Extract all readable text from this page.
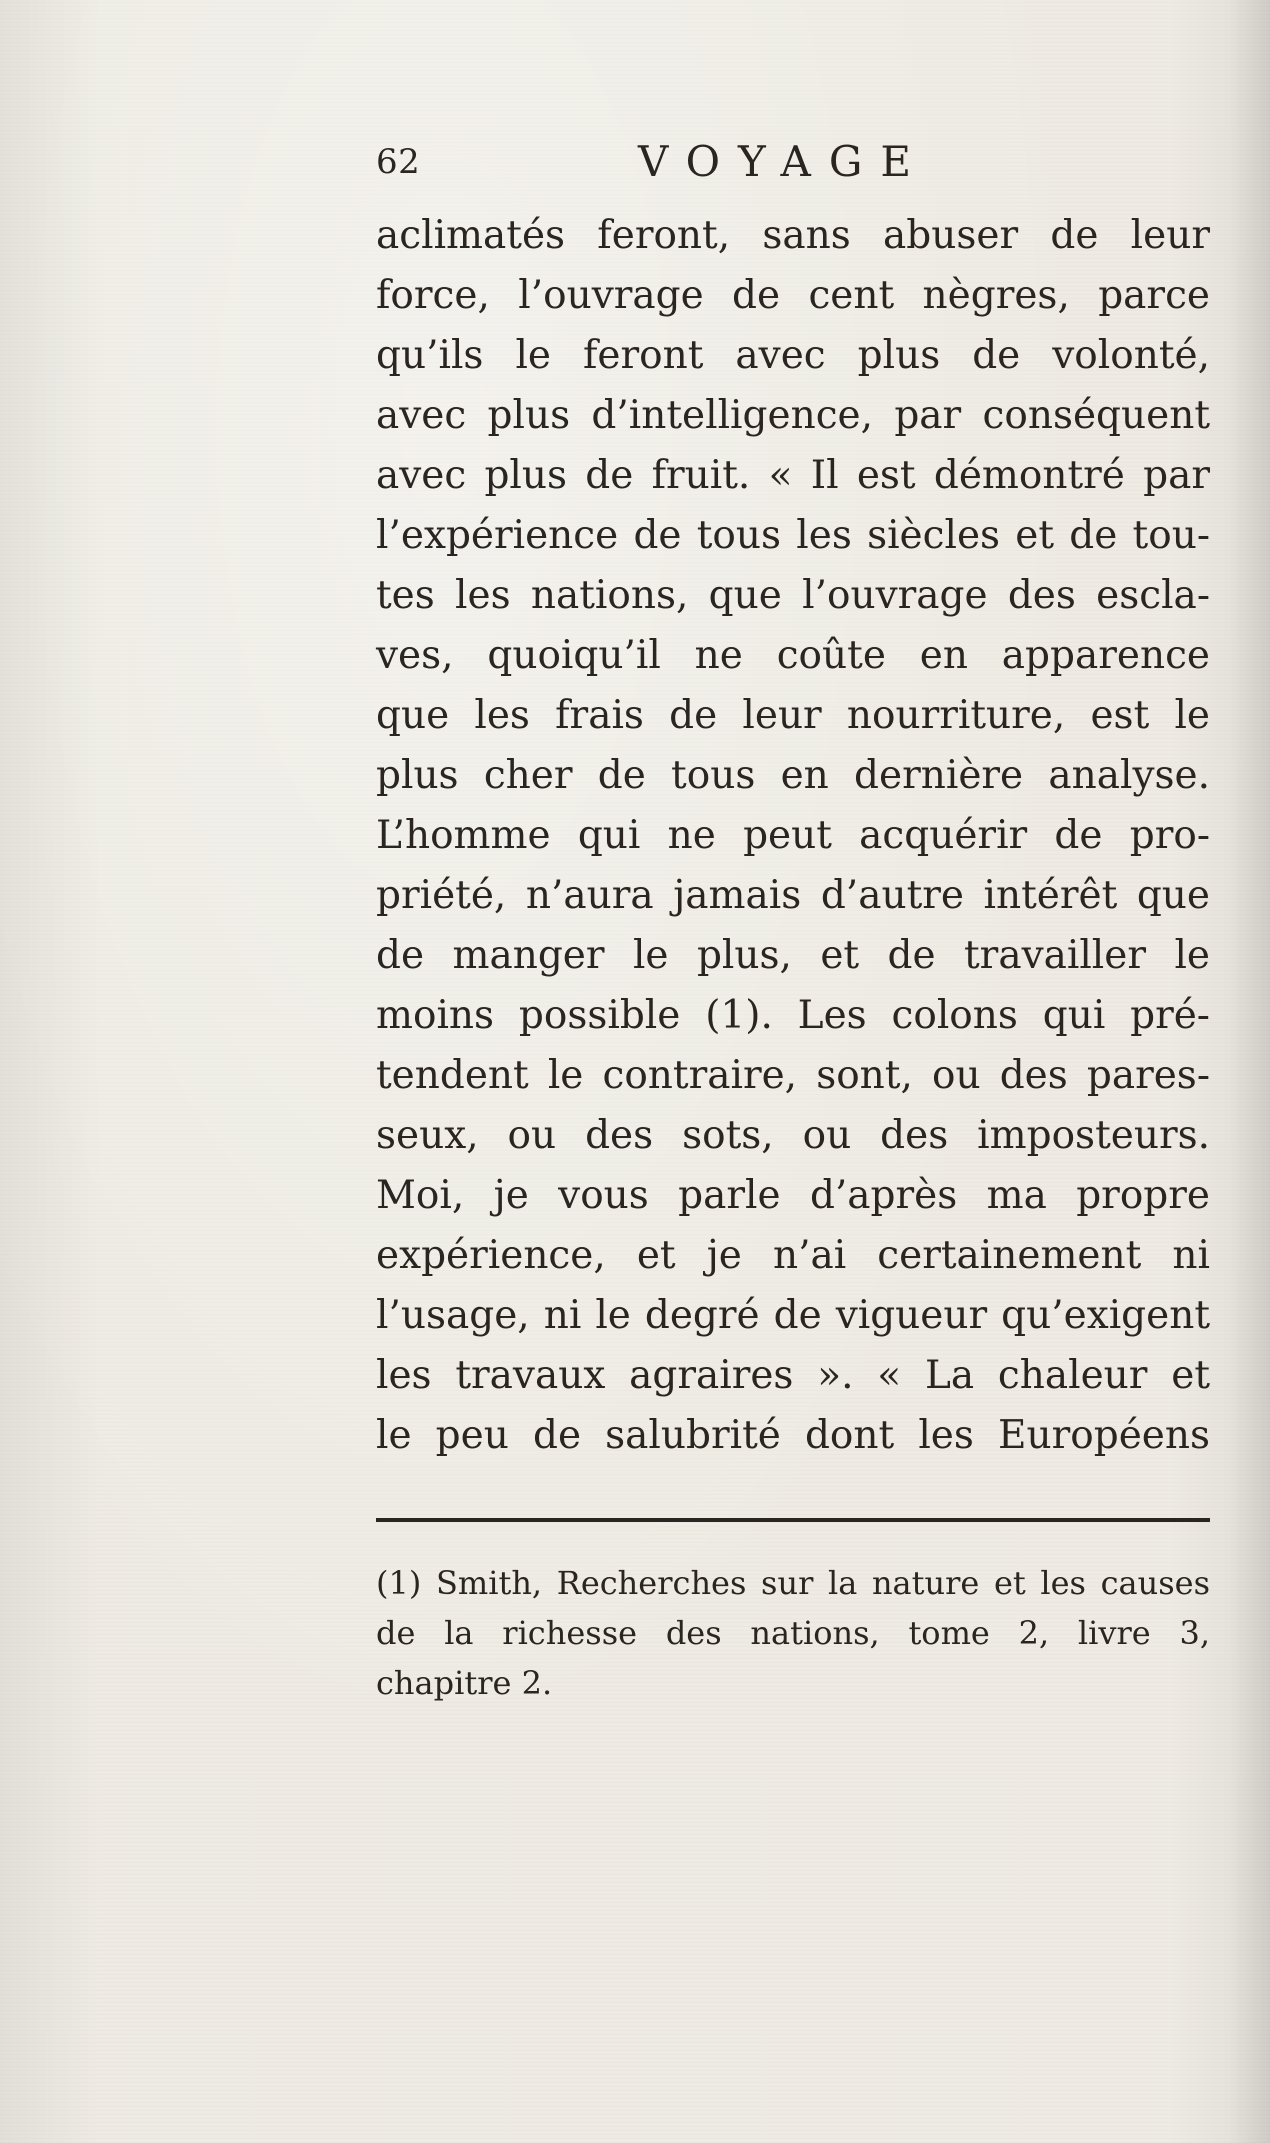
62	VOYAGE
aclimatés feront, sans abuser de leur
force, l’ouvrage de cent nègres, parce
qu’ils le feront avec plus de volonté,
avec plus d’intelligence, par conséquent
avec plus de fruit. « Il est démontré par
l’expérience de tous les siècles et de tou-
tes les nations, que l’ouvrage des escla-
ves, quoiqu’il ne coûte en apparence
que les frais de leur nourriture, est le
plus cher de tous en dernière analyse.
L’homme qui ne peut acquérir de pro-
priété, n’aura jamais d’autre intérêt que
de manger le plus, et de travailler le
moins possible (1). Les colons qui pré-
tendent le contraire, sont, ou des pares-
seux, ou des sots, ou des imposteurs.
Moi, je vous parle d’après ma propre
expérience, et je n’ai certainement ni
l’usage, ni le degré de vigueur qu’exigent
les travaux agraires ». « La chaleur et
le peu de salubrité dont les Européens
(1) Smith, Recherches sur la nature et les causes
de la richesse des nations, tome 2, livre 3,
chapitre 2.
